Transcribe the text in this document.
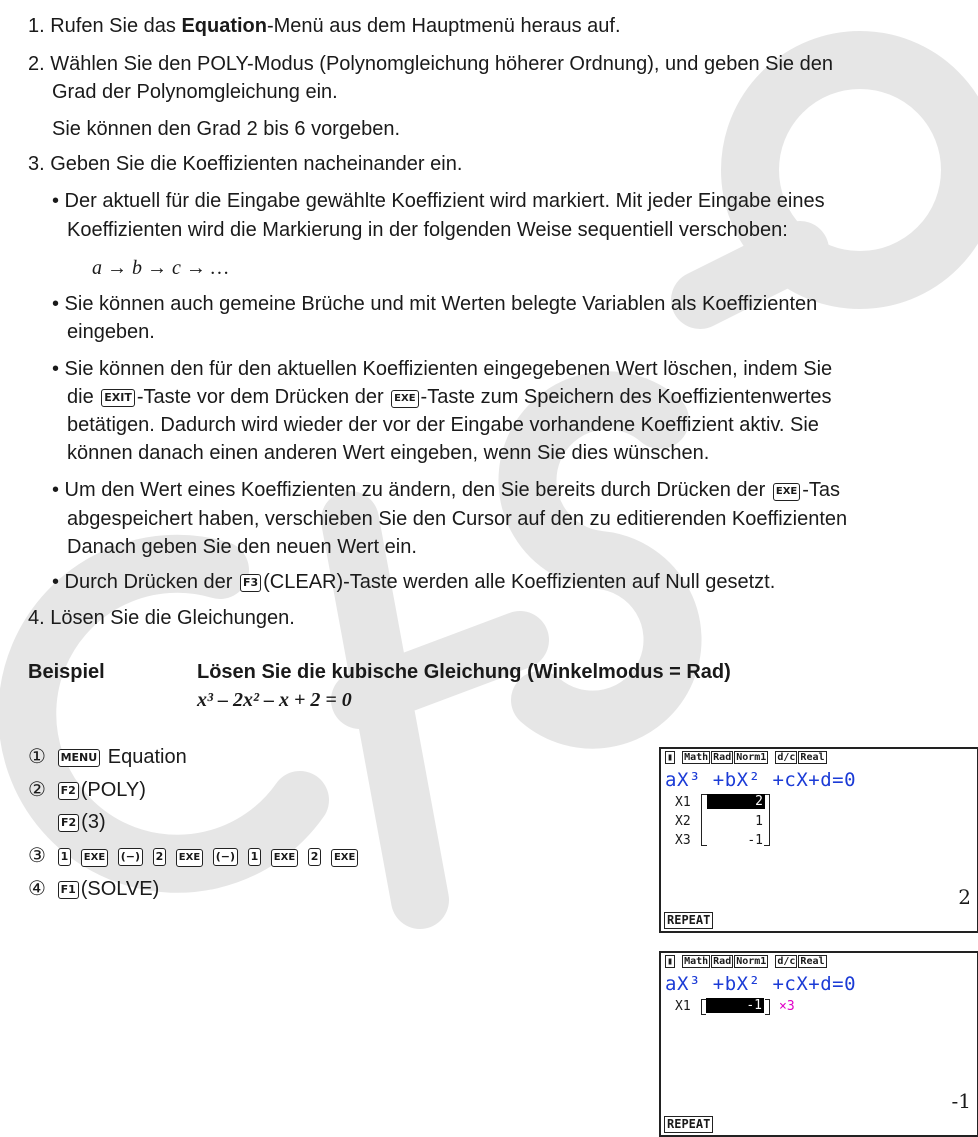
1. Rufen Sie das Equation-Menü aus dem Hauptmenü heraus auf.
2. Wählen Sie den POLY-Modus (Polynomgleichung höherer Ordnung), und geben Sie den
Grad der Polynomgleichung ein.
Sie können den Grad 2 bis 6 vorgeben.
3. Geben Sie die Koeffizienten nacheinander ein.
• Der aktuell für die Eingabe gewählte Koeffizient wird markiert. Mit jeder Eingabe eines
Koeffizienten wird die Markierung in der folgenden Weise sequentiell verschoben:
a → b → c → …
• Sie können auch gemeine Brüche und mit Werten belegte Variablen als Koeffizienten
eingeben.
• Sie können den für den aktuellen Koeffizienten eingegebenen Wert löschen, indem Sie
die EXIT -Taste vor dem Drücken der EXE -Taste zum Speichern des Koeffizientenwertes
betätigen. Dadurch wird wieder der vor der Eingabe vorhandene Koeffizient aktiv. Sie
können danach einen anderen Wert eingeben, wenn Sie dies wünschen.
• Um den Wert eines Koeffizienten zu ändern, den Sie bereits durch Drücken der EXE -Tas
abgespeichert haben, verschieben Sie den Cursor auf den zu editierenden Koeffizienten
Danach geben Sie den neuen Wert ein.
• Durch Drücken der F3 (CLEAR)-Taste werden alle Koeffizienten auf Null gesetzt.
4. Lösen Sie die Gleichungen.
Beispiel	Lösen Sie die kubische Gleichung (Winkelmodus = Rad)
x³ – 2x² – x + 2 = 0
① MENU Equation
② F2 (POLY)
F2 (3)
③ 1 EXE (−) 2 EXE (−) 1 EXE 2 EXE
④ F1 (SOLVE)
▮ Math Rad Norm1 d/c Real
aX³ +bX² +cX+d=0
X1
X2
X3
2
1
-1
2
REPEAT
▮ Math Rad Norm1 d/c Real
aX³ +bX² +cX+d=0
X1	-1 ×3
-1
REPEAT
